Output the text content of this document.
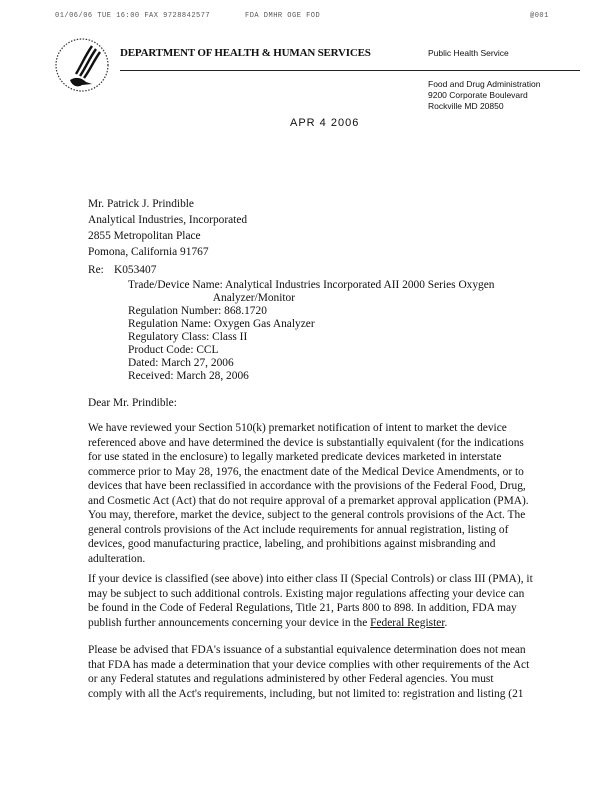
01/06/06 TUE 16:00 FAX 9728842577	FDA DMHR OGE FOD	@001
DEPARTMENT OF HEALTH & HUMAN SERVICES	Public Health Service
Food and Drug Administration
9200 Corporate Boulevard
Rockville MD 20850
APR 4 2006
Mr. Patrick J. Prindible
Analytical Industries, Incorporated
2855 Metropolitan Place
Pomona, California 91767
Re: K053407
Trade/Device Name: Analytical Industries Incorporated AII 2000 Series Oxygen
Analyzer/Monitor
Regulation Number: 868.1720
Regulation Name: Oxygen Gas Analyzer
Regulatory Class: Class II
Product Code: CCL
Dated: March 27, 2006
Received: March 28, 2006
Dear Mr. Prindible:
We have reviewed your Section 510(k) premarket notification of intent to market the device
referenced above and have determined the device is substantially equivalent (for the indications
for use stated in the enclosure) to legally marketed predicate devices marketed in interstate
commerce prior to May 28, 1976, the enactment date of the Medical Device Amendments, or to
devices that have been reclassified in accordance with the provisions of the Federal Food, Drug,
and Cosmetic Act (Act) that do not require approval of a premarket approval application (PMA).
You may, therefore, market the device, subject to the general controls provisions of the Act. The
general controls provisions of the Act include requirements for annual registration, listing of
devices, good manufacturing practice, labeling, and prohibitions against misbranding and
adulteration.
If your device is classified (see above) into either class II (Special Controls) or class III (PMA), it
may be subject to such additional controls. Existing major regulations affecting your device can
be found in the Code of Federal Regulations, Title 21, Parts 800 to 898. In addition, FDA may
publish further announcements concerning your device in the Federal Register.
Please be advised that FDA's issuance of a substantial equivalence determination does not mean
that FDA has made a determination that your device complies with other requirements of the Act
or any Federal statutes and regulations administered by other Federal agencies. You must
comply with all the Act's requirements, including, but not limited to: registration and listing (21
